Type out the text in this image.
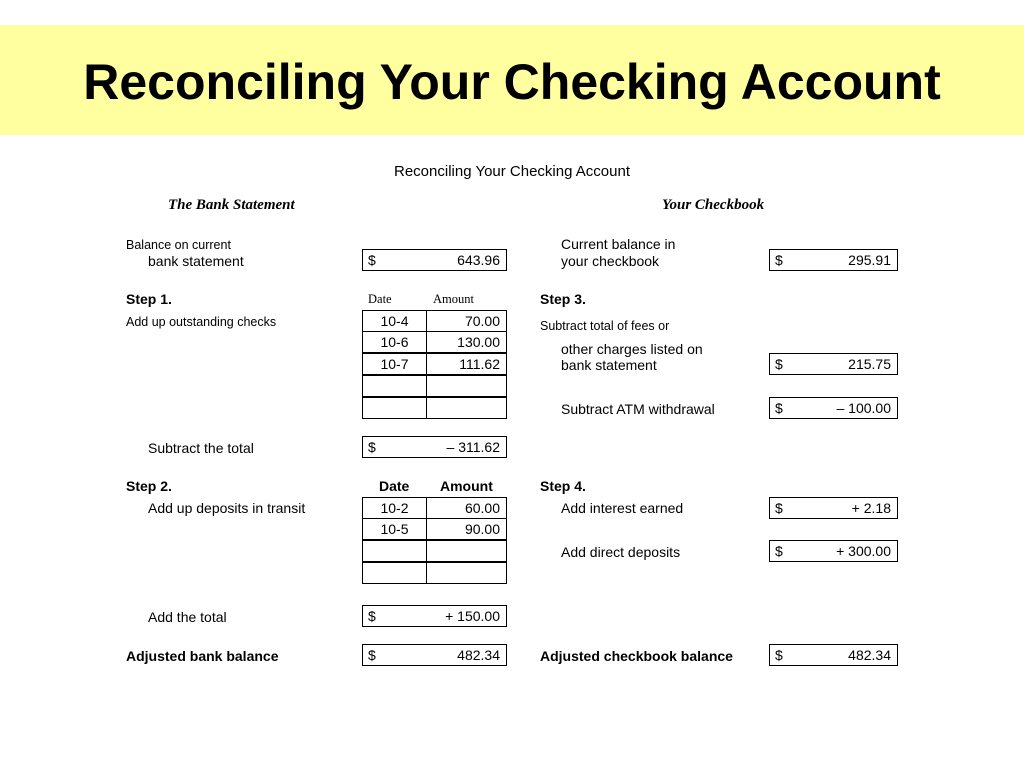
Reconciling Your Checking Account
Reconciling Your Checking Account
The Bank Statement	Your Checkbook
Balance on current
bank statement	$	643.96
Step 1.	Date	Amount
Add up outstanding checks	10-4	70.00
10-6	130.00
10-7	111.62
Subtract the total	$	– 311.62
Step 2.	Date Amount
Add up deposits in transit	10-2	60.00
10-5	90.00
Add the total	$	+ 150.00
Adjusted bank balance	$	482.34
Current balance in
your checkbook	$	295.91
Step 3.
Subtract total of fees or
other charges listed on
bank statement	$	215.75
Subtract ATM withdrawal	$	– 100.00
Step 4.
Add interest earned	$	+ 2.18
Add direct deposits	$	+ 300.00
Adjusted checkbook balance	$	482.34
